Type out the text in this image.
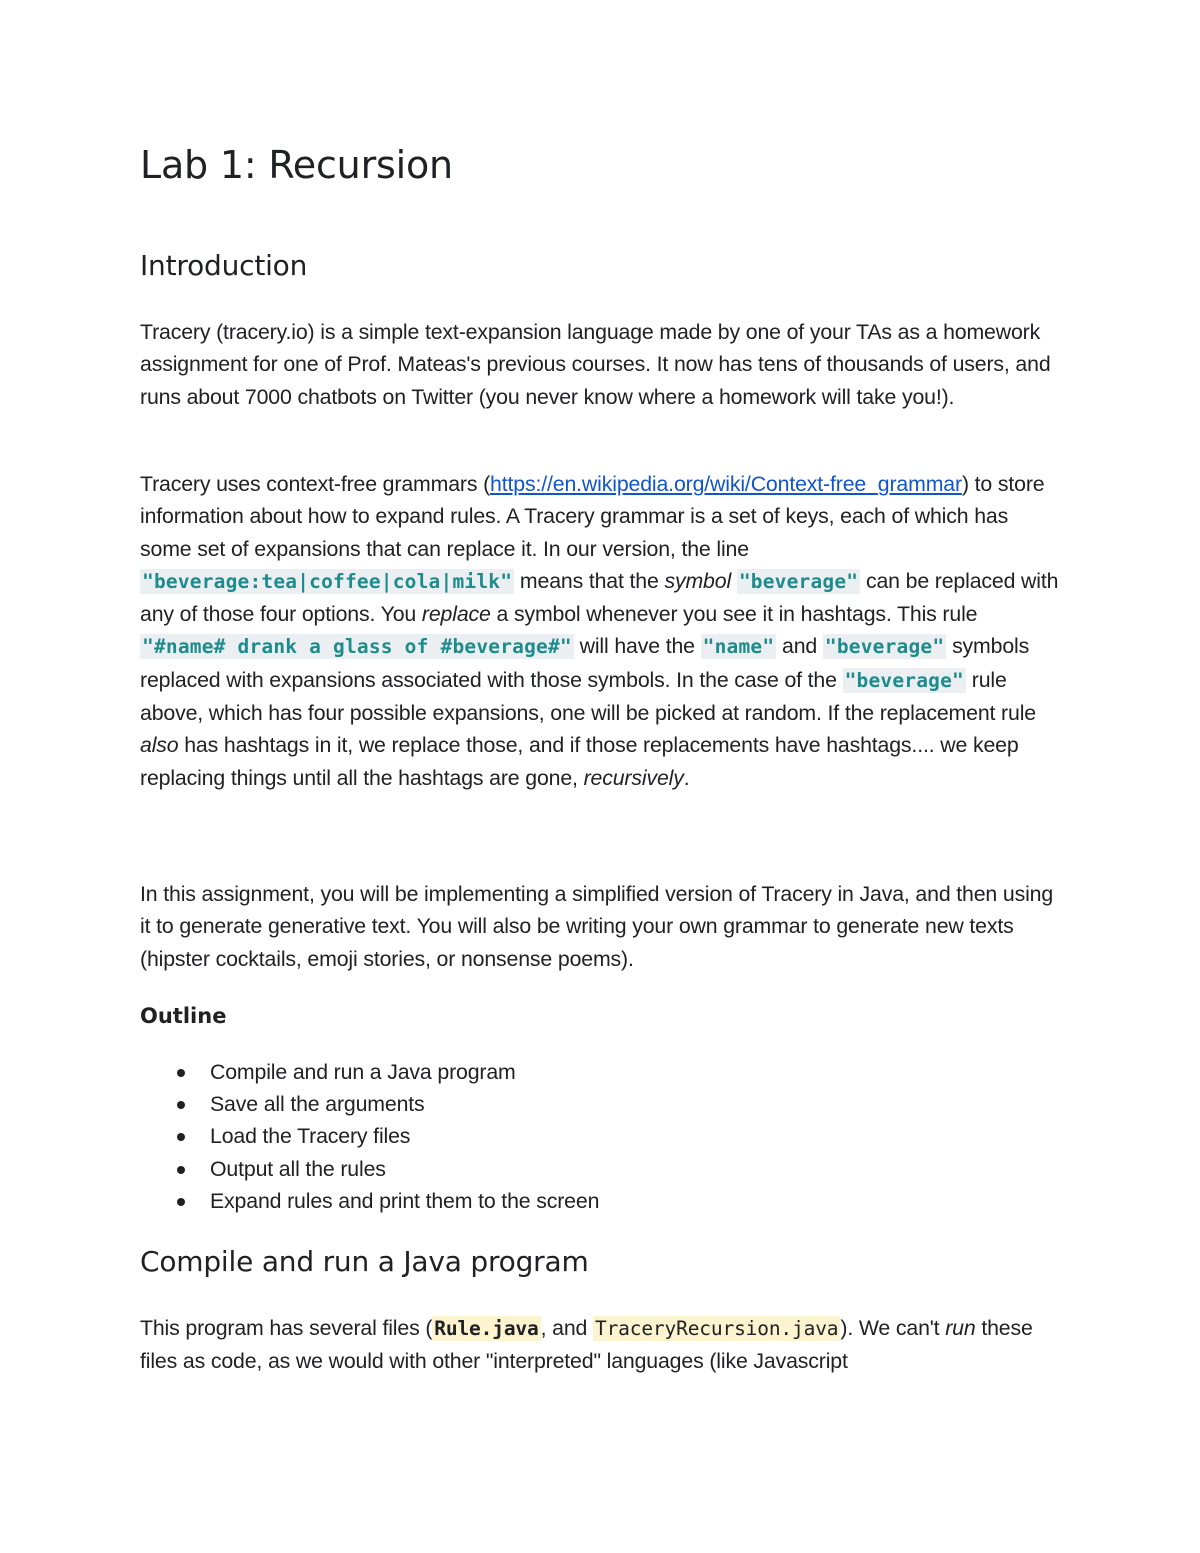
Lab 1: Recursion
Introduction

Tracery (tracery.io) is a simple text-expansion language made by one of your TAs as a homework assignment for one of Prof. Mateas's previous courses. It now has tens of thousands of users, and runs about 7000 chatbots on Twitter (you never know where a homework will take you!).

Tracery uses context-free grammars (https://en.wikipedia.org/wiki/Context-free_grammar) to store information about how to expand rules. A Tracery grammar is a set of keys, each of which has some set of expansions that can replace it. In our version, the line "beverage:tea|coffee|cola|milk" means that the symbol "beverage" can be replaced with any of those four options. You replace a symbol whenever you see it in hashtags. This rule "#name# drank a glass of #beverage#" will have the "name" and "beverage" symbols replaced with expansions associated with those symbols. In the case of the "beverage" rule above, which has four possible expansions, one will be picked at random. If the replacement rule also has hashtags in it, we replace those, and if those replacements have hashtags.... we keep replacing things until all the hashtags are gone, recursively.

In this assignment, you will be implementing a simplified version of Tracery in Java, and then using it to generate generative text. You will also be writing your own grammar to generate new texts (hipster cocktails, emoji stories, or nonsense poems).

Outline
Compile and run a Java program
Save all the arguments
Load the Tracery files
Output all the rules
Expand rules and print them to the screen
Compile and run a Java program

This program has several files ( Rule.java, and TraceryRecursion.java). We can't run these files as code, as we would with other "interpreted" languages (like Javascript
